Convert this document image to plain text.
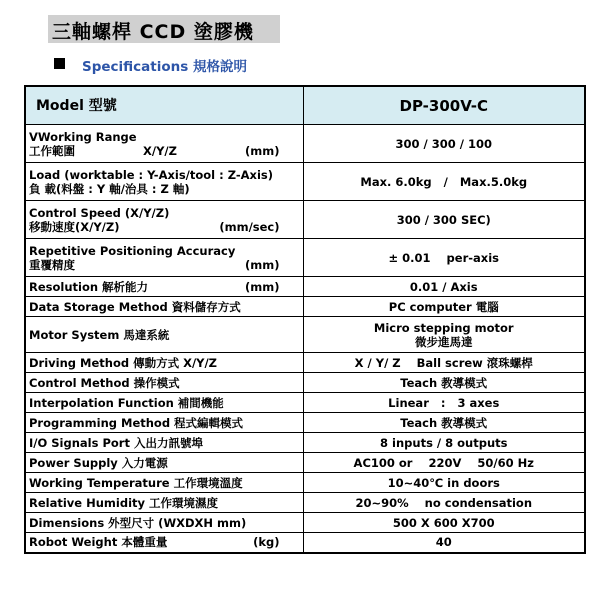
三軸螺桿 CCD 塗膠機
Specifications 規格說明
Model 型號	DP-300V-C

VWorking Range
工作範圍 X/Y/Z (mm)	300 / 300 / 100

Load (worktable : Y-Axis/tool : Z-Axis)
負 載(料盤 : Y 軸/治具 : Z 軸)	Max. 6.0kg   /   Max.5.0kg

Control Speed (X/Y/Z)
移動速度(X/Y/Z) (mm/sec)	300 / 300 SEC)

Repetitive Positioning Accuracy
重覆精度 (mm)	± 0.01    per-axis

Resolution 解析能力 (mm)	0.01 / Axis

Data Storage Method 資料儲存方式	PC computer 電腦

Motor System 馬達系統	Micro stepping motor
微步進馬達

Driving Method 傳動方式 X/Y/Z	X / Y/ Z    Ball screw 滾珠螺桿

Control Method 操作模式	Teach 教導模式

Interpolation Function 補間機能	Linear   :   3 axes

Programming Method 程式編輯模式	Teach 教導模式

I/O Signals Port 入出力訊號埠	8 inputs / 8 outputs

Power Supply 入力電源	AC100 or    220V    50/60 Hz

Working Temperature 工作環境溫度	10~40℃ in doors

Relative Humidity 工作環境濕度	20~90%    no condensation

Dimensions 外型尺寸 (WXDXH mm)	500 X 600 X700

Robot Weight 本體重量 (kg)	40
